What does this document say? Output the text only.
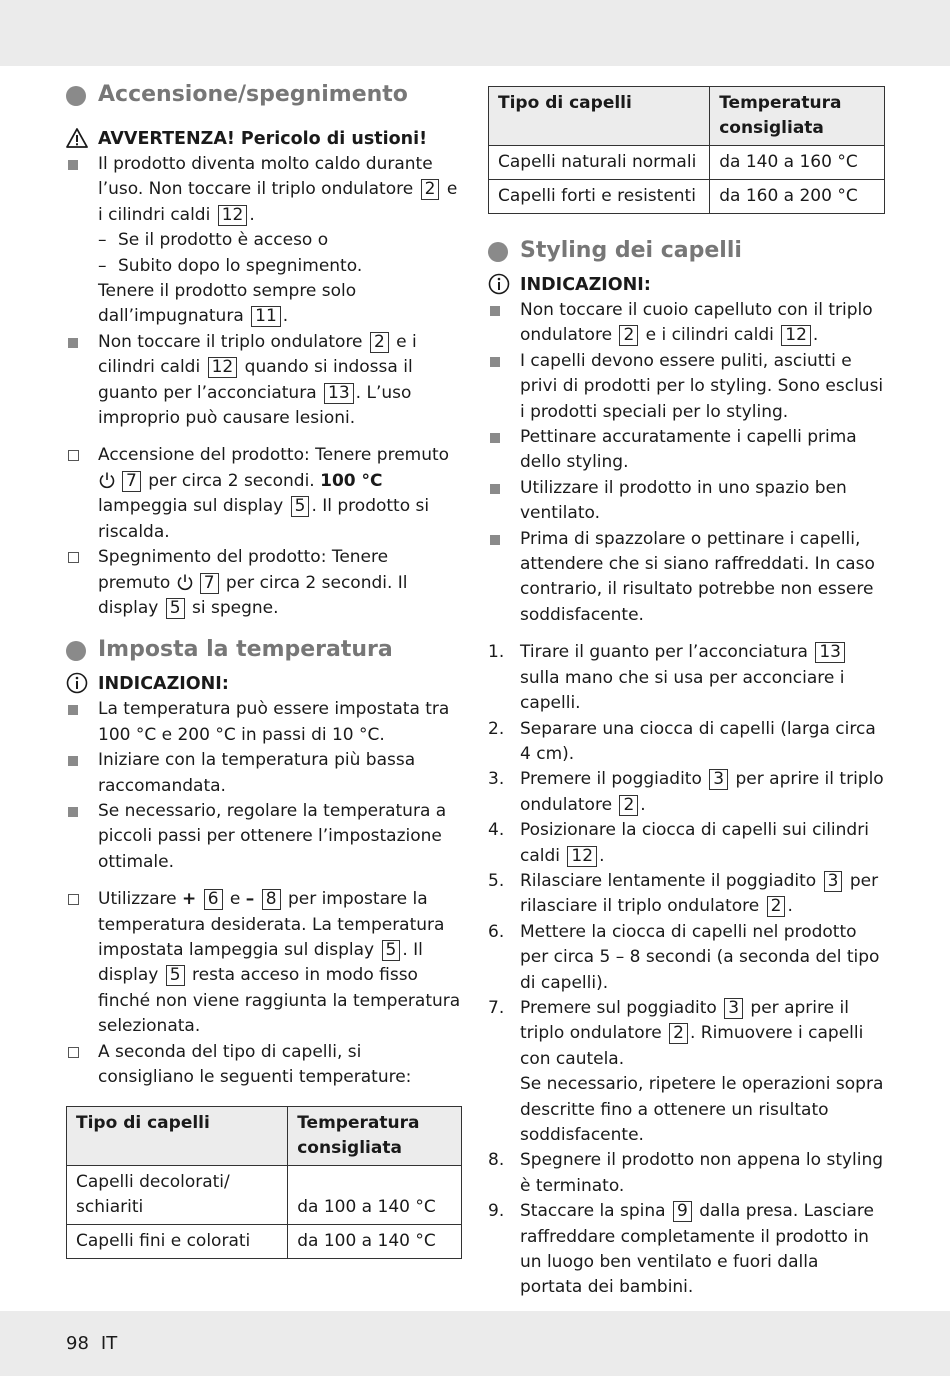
Accensione/spegnimento
AVVERTENZA! Pericolo di ustioni!
Il prodotto diventa molto caldo durante l’uso. Non toccare il triplo ondulatore 2 e i cilindri caldi 12 .
– Se il prodotto è acceso o
– Subito dopo lo spegnimento.
Tenere il prodotto sempre solo dall’impugnatura 11 .
Non toccare il triplo ondulatore 2 e i cilindri caldi 12 quando si indossa il guanto per l’acconciatura 13 . L’uso improprio può causare lesioni.
Accensione del prodotto: Tenere premuto 7 per circa 2 secondi. 100 °C lampeggia sul display 5 . Il prodotto si riscalda.
Spegnimento del prodotto: Tenere premuto 7 per circa 2 secondi. Il display 5 si spegne.
Imposta la temperatura
INDICAZIONI:
La temperatura può essere impostata tra 100 °C e 200 °C in passi di 10 °C.
Iniziare con la temperatura più bassa raccomandata.
Se necessario, regolare la temperatura a piccoli passi per ottenere l’impostazione ottimale.
Utilizzare + 6 e – 8 per impostare la temperatura desiderata. La temperatura impostata lampeggia sul display 5 . Il display 5 resta acceso in modo fisso finché non viene raggiunta la temperatura selezionata.
A seconda del tipo di capelli, si consigliano le seguenti temperature:
Tipo di capelli	Temperatura consigliata
Capelli decolorati/ schiariti	da 100 a 140 °C
Capelli fini e colorati	da 100 a 140 °C
Tipo di capelli	Temperatura consigliata
Capelli naturali normali	da 140 a 160 °C
Capelli forti e resistenti	da 160 a 200 °C
Styling dei capelli
INDICAZIONI:
Non toccare il cuoio capelluto con il triplo ondulatore 2 e i cilindri caldi 12 .
I capelli devono essere puliti, asciutti e privi di prodotti per lo styling. Sono esclusi i prodotti speciali per lo styling.
Pettinare accuratamente i capelli prima dello styling.
Utilizzare il prodotto in uno spazio ben ventilato.
Prima di spazzolare o pettinare i capelli, attendere che si siano raffreddati. In caso contrario, il risultato potrebbe non essere soddisfacente.
1. Tirare il guanto per l’acconciatura 13 sulla mano che si usa per acconciare i capelli.
2. Separare una ciocca di capelli (larga circa 4 cm).
3. Premere il poggiadito 3 per aprire il triplo ondulatore 2 .
4. Posizionare la ciocca di capelli sui cilindri caldi 12 .
5. Rilasciare lentamente il poggiadito 3 per rilasciare il triplo ondulatore 2 .
6. Mettere la ciocca di capelli nel prodotto per circa 5 – 8 secondi (a seconda del tipo di capelli).
7. Premere sul poggiadito 3 per aprire il triplo ondulatore 2 . Rimuovere i capelli con cautela.
Se necessario, ripetere le operazioni sopra descritte fino a ottenere un risultato soddisfacente.
8. Spegnere il prodotto non appena lo styling è terminato.
9. Staccare la spina 9 dalla presa. Lasciare raffreddare completamente il prodotto in un luogo ben ventilato e fuori dalla portata dei bambini.
98 IT
